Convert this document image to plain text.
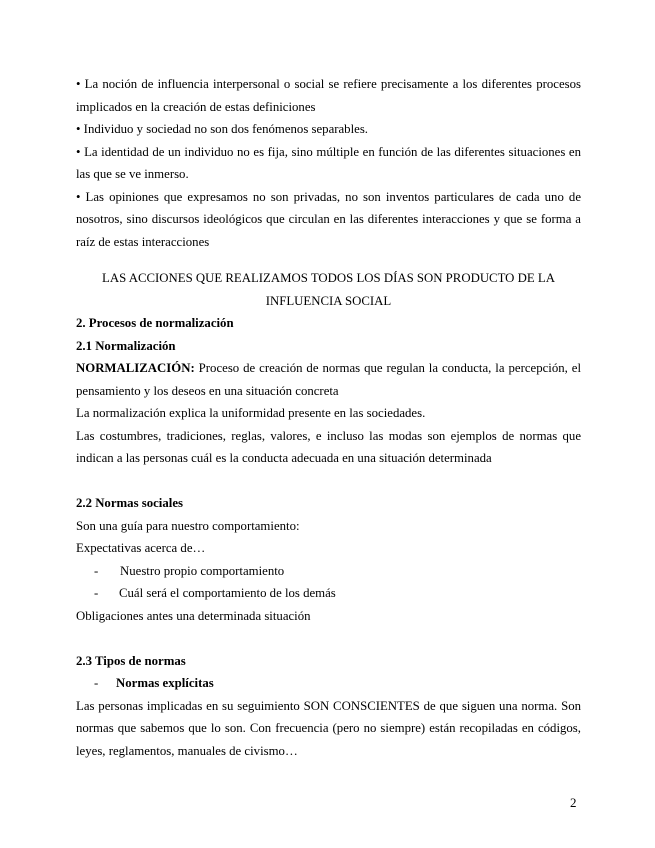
• La noción de influencia interpersonal o social se refiere precisamente a los diferentes procesos implicados en la creación de estas definiciones

• Individuo y sociedad no son dos fenómenos separables.

• La identidad de un individuo no es fija, sino múltiple en función de las diferentes situaciones en las que se ve inmerso.

• Las opiniones que expresamos no son privadas, no son inventos particulares de cada uno de nosotros, sino discursos ideológicos que circulan en las diferentes interacciones y que se forma a raíz de estas interacciones

LAS ACCIONES QUE REALIZAMOS TODOS LOS DÍAS SON PRODUCTO DE LA INFLUENCIA SOCIAL

2. Procesos de normalización

2.1 Normalización

NORMALIZACIÓN: Proceso de creación de normas que regulan la conducta, la percepción, el pensamiento y los deseos en una situación concreta

La normalización explica la uniformidad presente en las sociedades.

Las costumbres, tradiciones, reglas, valores, e incluso las modas son ejemplos de normas que indican a las personas cuál es la conducta adecuada en una situación determinada

2.2 Normas sociales

Son una guía para nuestro comportamiento:

Expectativas acerca de…

- Nuestro propio comportamiento

- Cuál será el comportamiento de los demás

Obligaciones antes una determinada situación

2.3 Tipos de normas

- Normas explícitas

Las personas implicadas en su seguimiento SON CONSCIENTES de que siguen una norma. Son normas que sabemos que lo son. Con frecuencia (pero no siempre) están recopiladas en códigos, leyes, reglamentos, manuales de civismo…

2
